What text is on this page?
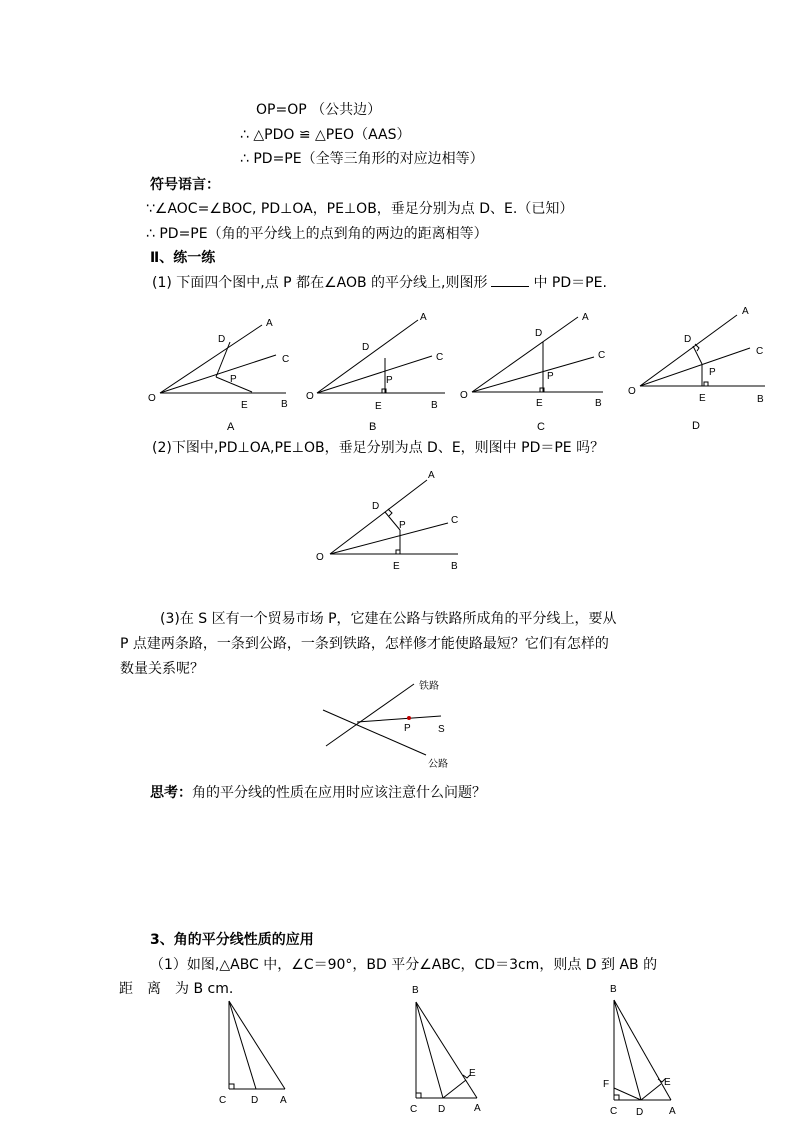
OP=OP （公共边）
∴ △PDO ≌ △PEO（AAS）
∴ PD=PE（全等三角形的对应边相等）
符号语言：
∵∠AOC=∠BOC, PD⊥OA，PE⊥OB，垂足分别为点 D、E.（已知）
∴ PD=PE（角的平分线上的点到角的两边的距离相等）
Ⅱ、练一练
(1) 下面四个图中,点 P 都在∠AOB 的平分线上,则图形	中 PD＝PE.
D
A
C
P
O
E	B
A
D
A
C
P
O
E	B
B
D
A
C
P
O
E	B
C
D
A
C
P
O
E	B
D
(2)下图中,PD⊥OA,PE⊥OB，垂足分别为点 D、E，则图中 PD＝PE 吗？
D
A
C
P
O
E	B
(3)在 S 区有一个贸易市场 P，它建在公路与铁路所成角的平分线上，要从
P 点建两条路，一条到公路，一条到铁路，怎样修才能使路最短？它们有怎样的
数量关系呢？
铁路
P	S
公路
思考：角的平分线的性质在应用时应该注意什么问题？
3、角的平分线性质的应用
（1）如图,△ABC 中，∠C＝90°，BD 平分∠ABC，CD＝3cm，则点 D 到 AB 的
距　离　为 B cm.
C D A
B
E
C D	A
B
F	E
C D	A
